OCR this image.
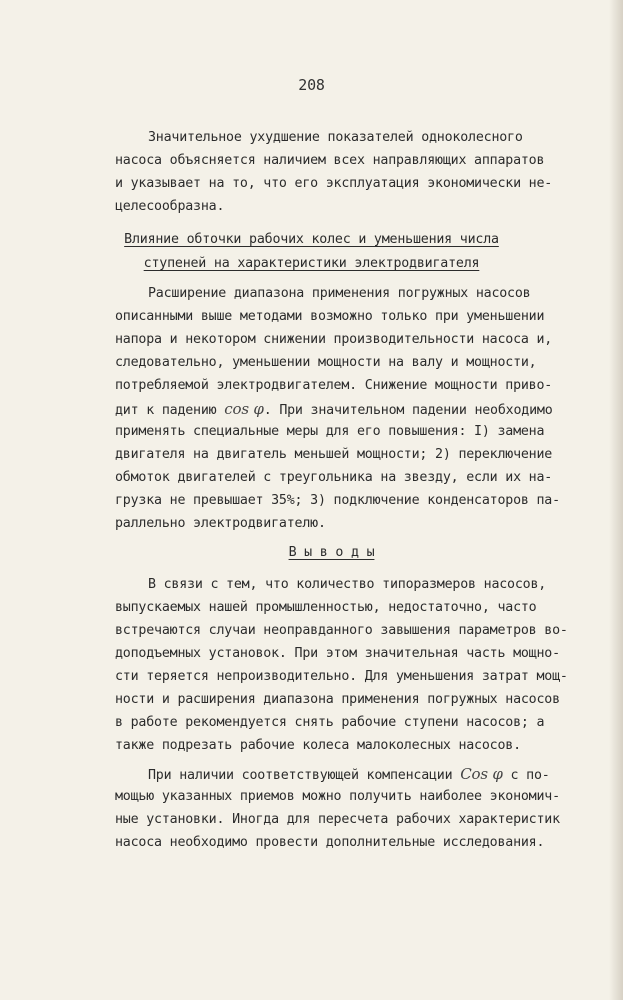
208
Значительное ухудшение показателей одноколесного
насоса объясняется наличием всех направляющих аппаратов
и указывает на то, что его эксплуатация экономически не-
целесообразна.
Влияние обточки рабочих колес и уменьшения числа
ступеней на характеристики электродвигателя
Расширение диапазона применения погружных насосов
описанными выше методами возможно только при уменьшении
напора и некотором снижении производительности насоса и,
следовательно, уменьшении мощности на валу и мощности,
потребляемой электродвигателем. Снижение мощности приво-
дит к падению cos φ. При значительном падении необходимо
применять специальные меры для его повышения: I) замена
двигателя на двигатель меньшей мощности; 2) переключение
обмоток двигателей с треугольника на звезду, если их на-
грузка не превышает 35%; 3) подключение конденсаторов па-
раллельно электродвигателю.
В ы в о д ы
В связи с тем, что количество типоразмеров насосов,
выпускаемых нашей промышленностью, недостаточно, часто
встречаются случаи неоправданного завышения параметров во-
доподъемных установок. При этом значительная часть мощно-
сти теряется непроизводительно. Для уменьшения затрат мощ-
ности и расширения диапазона применения погружных насосов
в работе рекомендуется снять рабочие ступени насосов; а
также подрезать рабочие колеса малоколесных насосов.
При наличии соответствующей компенсации Cos φ с по-
мощью указанных приемов можно получить наиболее экономич-
ные установки. Иногда для пересчета рабочих характеристик
насоса необходимо провести дополнительные исследования.
